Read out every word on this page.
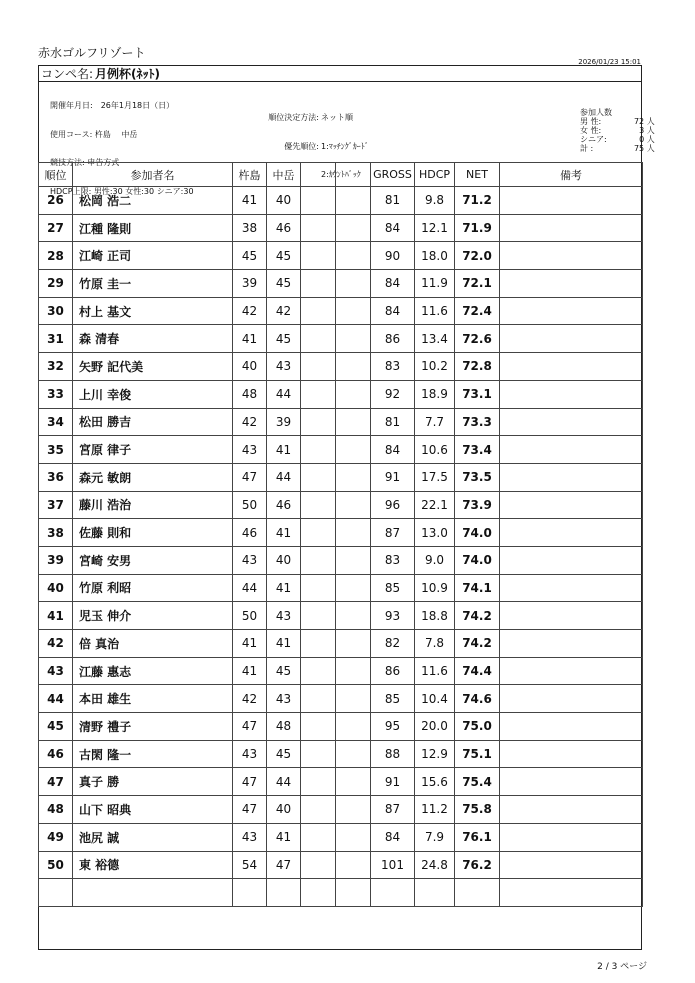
赤水ゴルフリゾート
2026/01/23 15:01
コンペ名: 月例杯(ﾈｯﾄ)

開催年月日:　26年1月18日（日）

使用コース: 杵島　 中岳

競技方法: 申告方式

HDCP上限: 男性:30 女性:30 シニア:30

順位決定方法:

優先順位:

ネット順

1:ﾏｯﾁﾝｸﾞｶｰﾄﾞ

2:ｶｳﾝﾄﾊﾞｯｸ

参加人数
男 性:	72 人
女 性:	3 人
シニア:	0 人
計 :	75 人
順位	参加者名	杵島	中岳			GROSS	HDCP	NET	備考
26	松岡 浩二	41	40			81	9.8	71.2	
27	江種 隆則	38	46			84	12.1	71.9	
28	江崎 正司	45	45			90	18.0	72.0	
29	竹原 圭一	39	45			84	11.9	72.1	
30	村上 基文	42	42			84	11.6	72.4	
31	森 清春	41	45			86	13.4	72.6	
32	矢野 記代美	40	43			83	10.2	72.8	
33	上川 幸俊	48	44			92	18.9	73.1	
34	松田 勝吉	42	39			81	7.7	73.3	
35	宮原 律子	43	41			84	10.6	73.4	
36	森元 敏朗	47	44			91	17.5	73.5	
37	藤川 浩治	50	46			96	22.1	73.9	
38	佐藤 則和	46	41			87	13.0	74.0	
39	宮崎 安男	43	40			83	9.0	74.0	
40	竹原 利昭	44	41			85	10.9	74.1	
41	児玉 伸介	50	43			93	18.8	74.2	
42	倍 真治	41	41			82	7.8	74.2	
43	江藤 惠志	41	45			86	11.6	74.4	
44	本田 雄生	42	43			85	10.4	74.6	
45	清野 禮子	47	48			95	20.0	75.0	
46	古閑 隆一	43	45			88	12.9	75.1	
47	真子 勝	47	44			91	15.6	75.4	
48	山下 昭典	47	40			87	11.2	75.8	
49	池尻 誠	43	41			84	7.9	76.1	
50	東 裕德	54	47			101	24.8	76.2	

2 / 3 ページ
